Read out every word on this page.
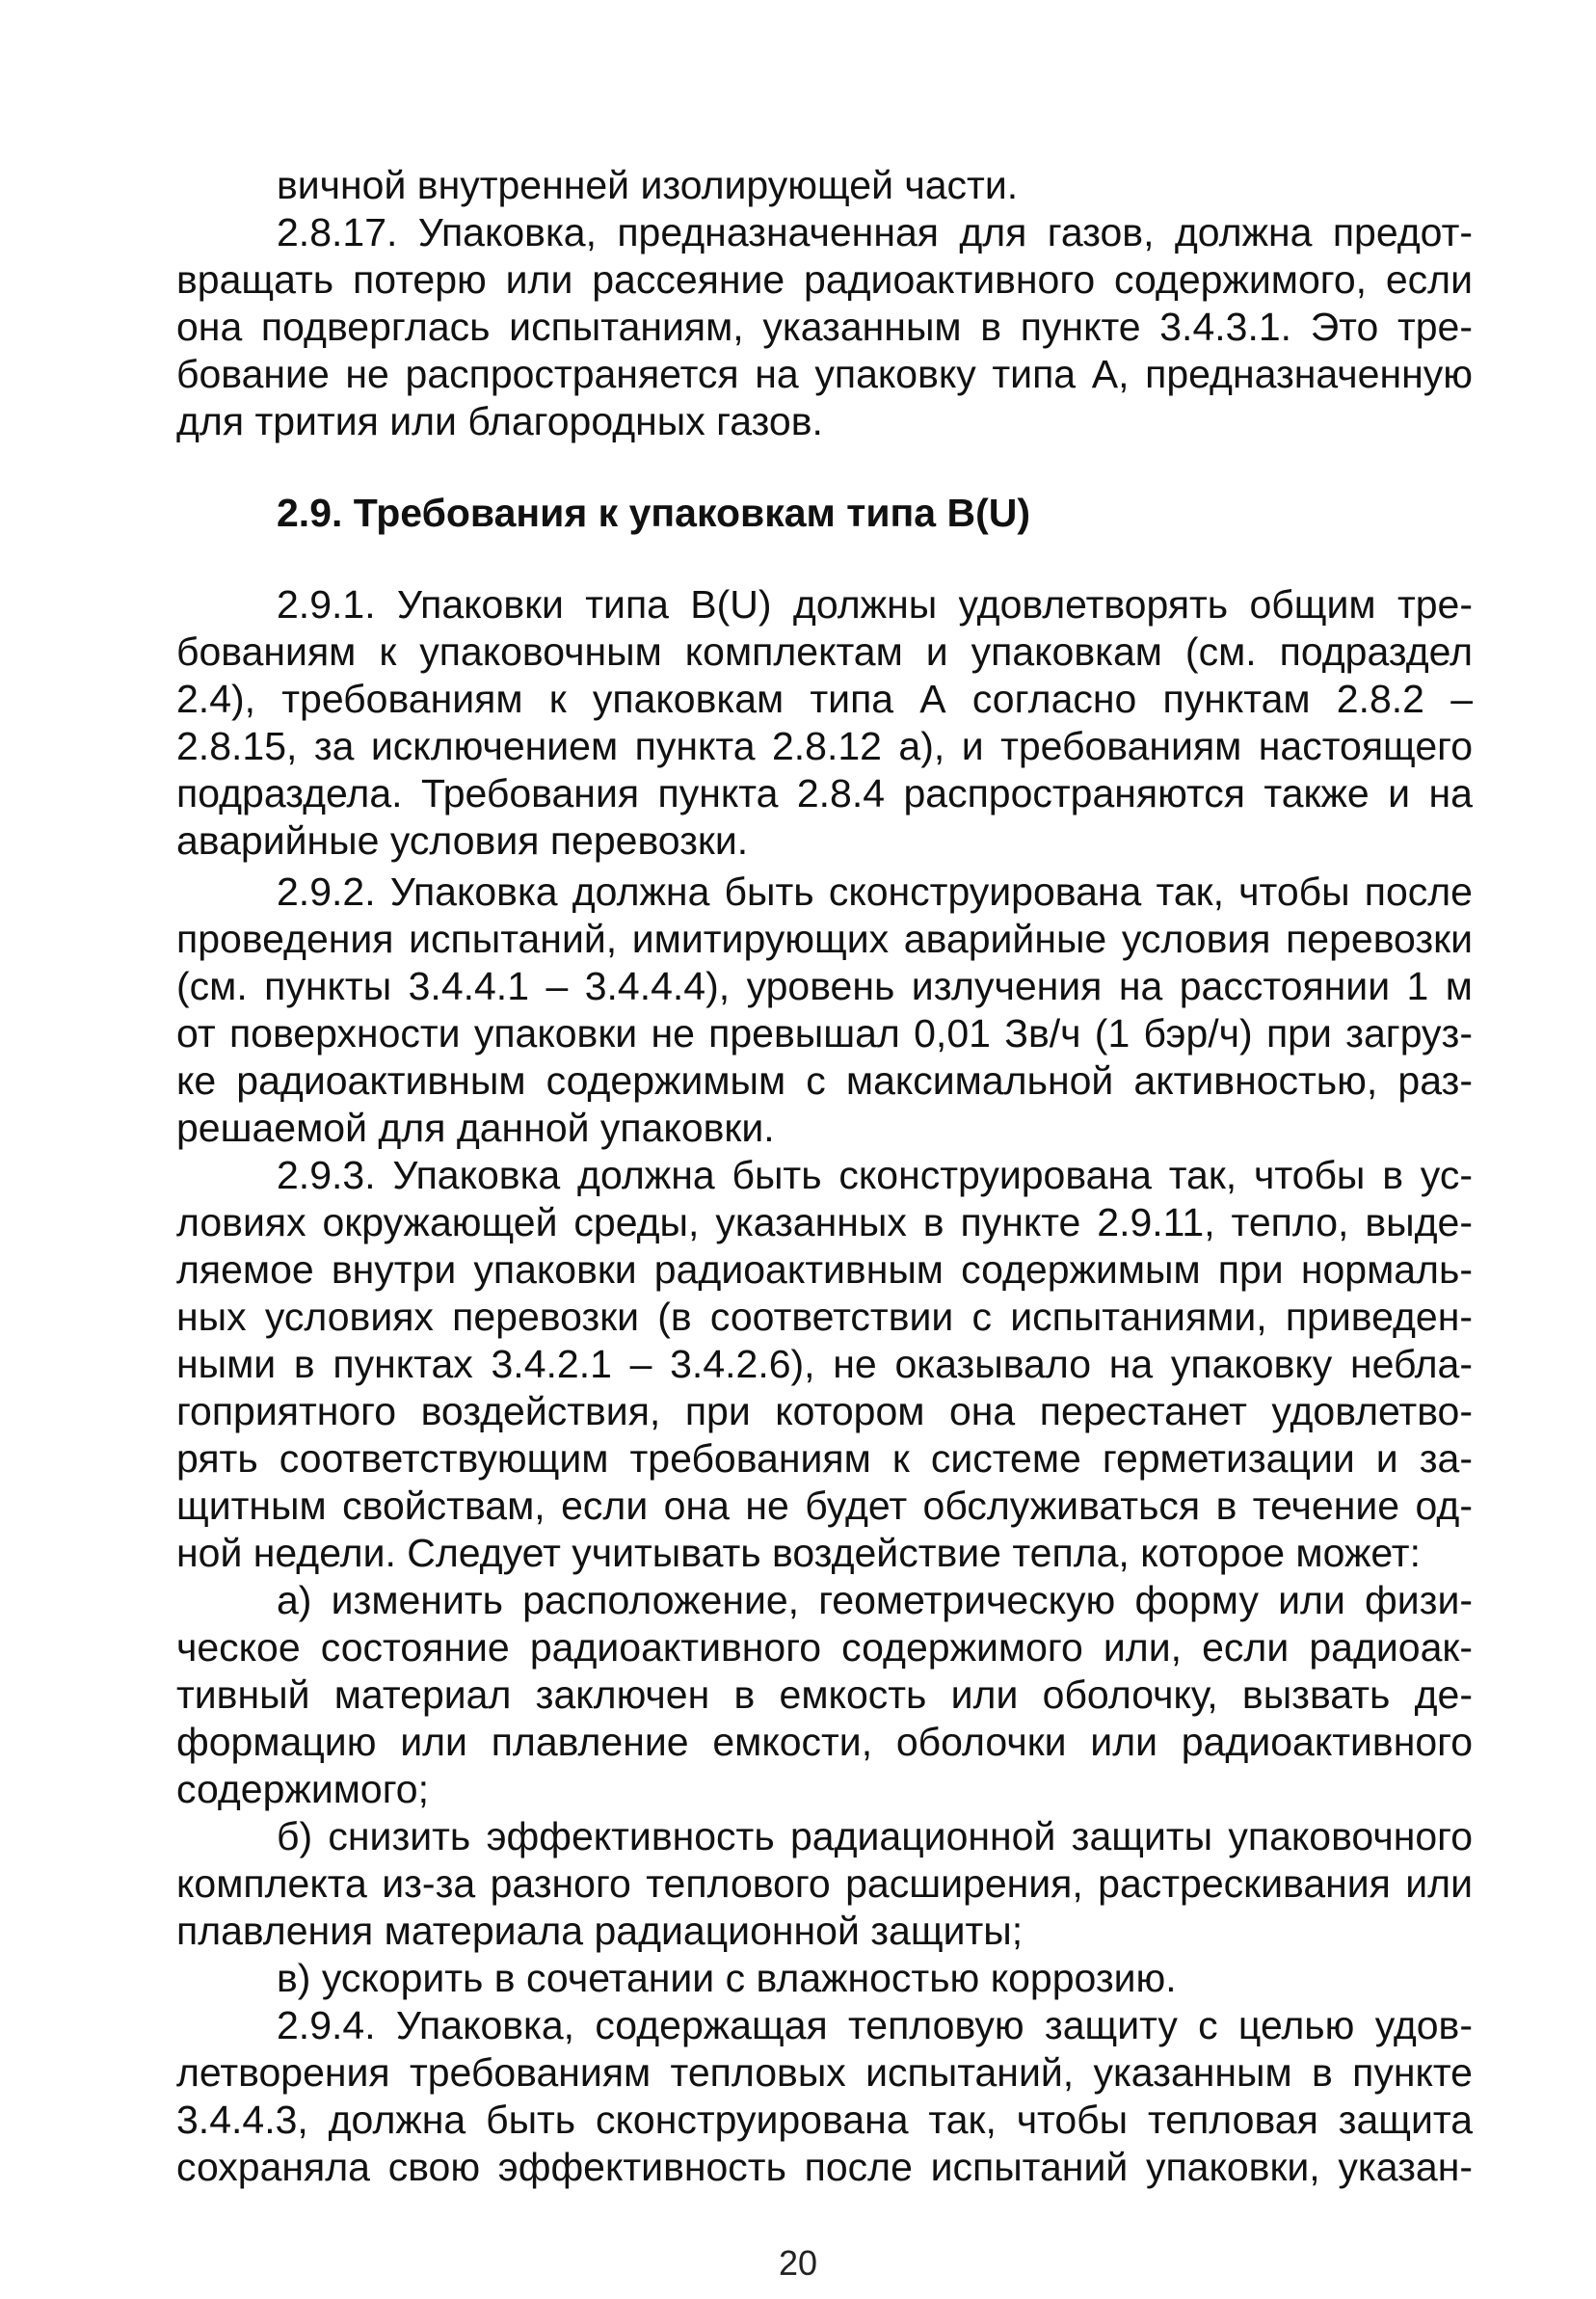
вичной внутренней изолирующей части.
2.8.17. Упаковка, предназначенная для газов, должна предот-
вращать потерю или рассеяние радиоактивного содержимого, если
она подверглась испытаниям, указанным в пункте 3.4.3.1. Это тре-
бование не распространяется на упаковку типа А, предназначенную
для трития или благородных газов.
2.9. Требования к упаковкам типа В(U)
2.9.1. Упаковки типа В(U) должны удовлетворять общим тре-
бованиям к упаковочным комплектам и упаковкам (см. подраздел
2.4), требованиям к упаковкам типа А согласно пунктам 2.8.2 –
2.8.15, за исключением пункта 2.8.12 а), и требованиям настоящего
подраздела. Требования пункта 2.8.4 распространяются также и на
аварийные условия перевозки.
2.9.2. Упаковка должна быть сконструирована так, чтобы после
проведения испытаний, имитирующих аварийные условия перевозки
(см. пункты 3.4.4.1 – 3.4.4.4), уровень излучения на расстоянии 1 м
от поверхности упаковки не превышал 0,01 Зв/ч (1 бэр/ч) при загруз-
ке радиоактивным содержимым с максимальной активностью, раз-
решаемой для данной упаковки.
2.9.3. Упаковка должна быть сконструирована так, чтобы в ус-
ловиях окружающей среды, указанных в пункте 2.9.11, тепло, выде-
ляемое внутри упаковки радиоактивным содержимым при нормаль-
ных условиях перевозки (в соответствии с испытаниями, приведен-
ными в пунктах 3.4.2.1 – 3.4.2.6), не оказывало на упаковку небла-
гоприятного воздействия, при котором она перестанет удовлетво-
рять соответствующим требованиям к системе герметизации и за-
щитным свойствам, если она не будет обслуживаться в течение од-
ной недели. Следует учитывать воздействие тепла, которое может:
а) изменить расположение, геометрическую форму или физи-
ческое состояние радиоактивного содержимого или, если радиоак-
тивный материал заключен в емкость или оболочку, вызвать де-
формацию или плавление емкости, оболочки или радиоактивного
содержимого;
б) снизить эффективность радиационной защиты упаковочного
комплекта из-за разного теплового расширения, растрескивания или
плавления материала радиационной защиты;
в) ускорить в сочетании с влажностью коррозию.
2.9.4. Упаковка, содержащая тепловую защиту с целью удов-
летворения требованиям тепловых испытаний, указанным в пункте
3.4.4.3, должна быть сконструирована так, чтобы тепловая защита
сохраняла свою эффективность после испытаний упаковки, указан-
20
